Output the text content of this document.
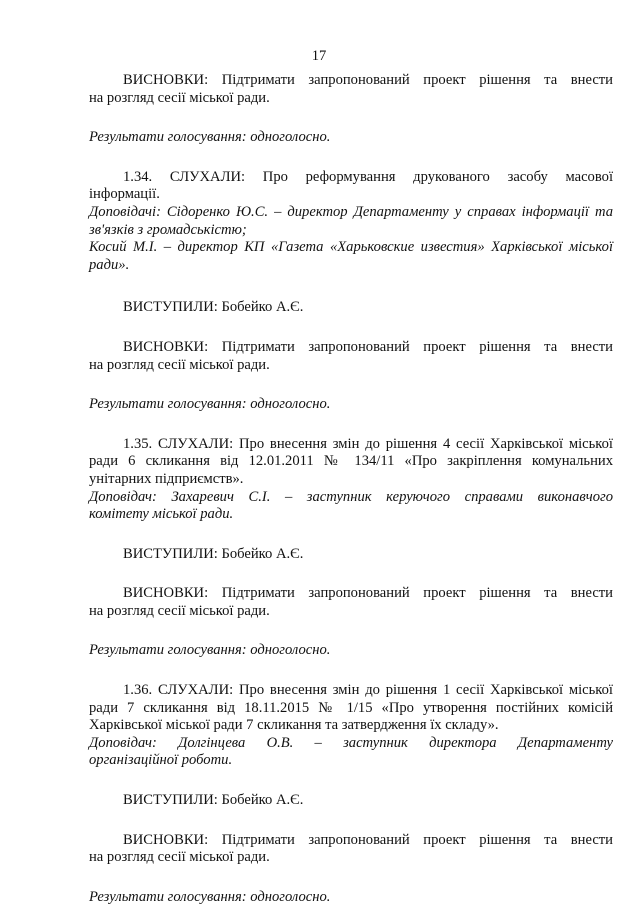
17

ВИСНОВКИ: Підтримати запропонований проект рішення та внести

на розгляд сесії міської ради.

Результати голосування: одноголосно.

1.34. СЛУХАЛИ: Про реформування друкованого засобу масової

інформації.

Доповідачі: Сідоренко Ю.С. – директор Департаменту у справах інформації та

зв'язків з громадськістю;

Косий М.І. – директор КП «Газета «Харьковские известия» Харківської міської

ради».

ВИСТУПИЛИ: Бобейко А.Є.

ВИСНОВКИ: Підтримати запропонований проект рішення та внести

на розгляд сесії міської ради.

Результати голосування: одноголосно.

1.35. СЛУХАЛИ: Про внесення змін до рішення 4 сесії Харківської міської

ради 6 скликання від 12.01.2011 № 134/11 «Про закріплення комунальних

унітарних підприємств».

Доповідач: Захаревич С.І. – заступник керуючого справами виконавчого

комітету міської ради.

ВИСТУПИЛИ: Бобейко А.Є.

ВИСНОВКИ: Підтримати запропонований проект рішення та внести

на розгляд сесії міської ради.

Результати голосування: одноголосно.

1.36. СЛУХАЛИ: Про внесення змін до рішення 1 сесії Харківської міської

ради 7 скликання від 18.11.2015 № 1/15 «Про утворення постійних комісій

Харківської міської ради 7 скликання та затвердження їх складу».

Доповідач: Долгінцева О.В. – заступник директора Департаменту

організаційної роботи.

ВИСТУПИЛИ: Бобейко А.Є.

ВИСНОВКИ: Підтримати запропонований проект рішення та внести

на розгляд сесії міської ради.

Результати голосування: одноголосно.
